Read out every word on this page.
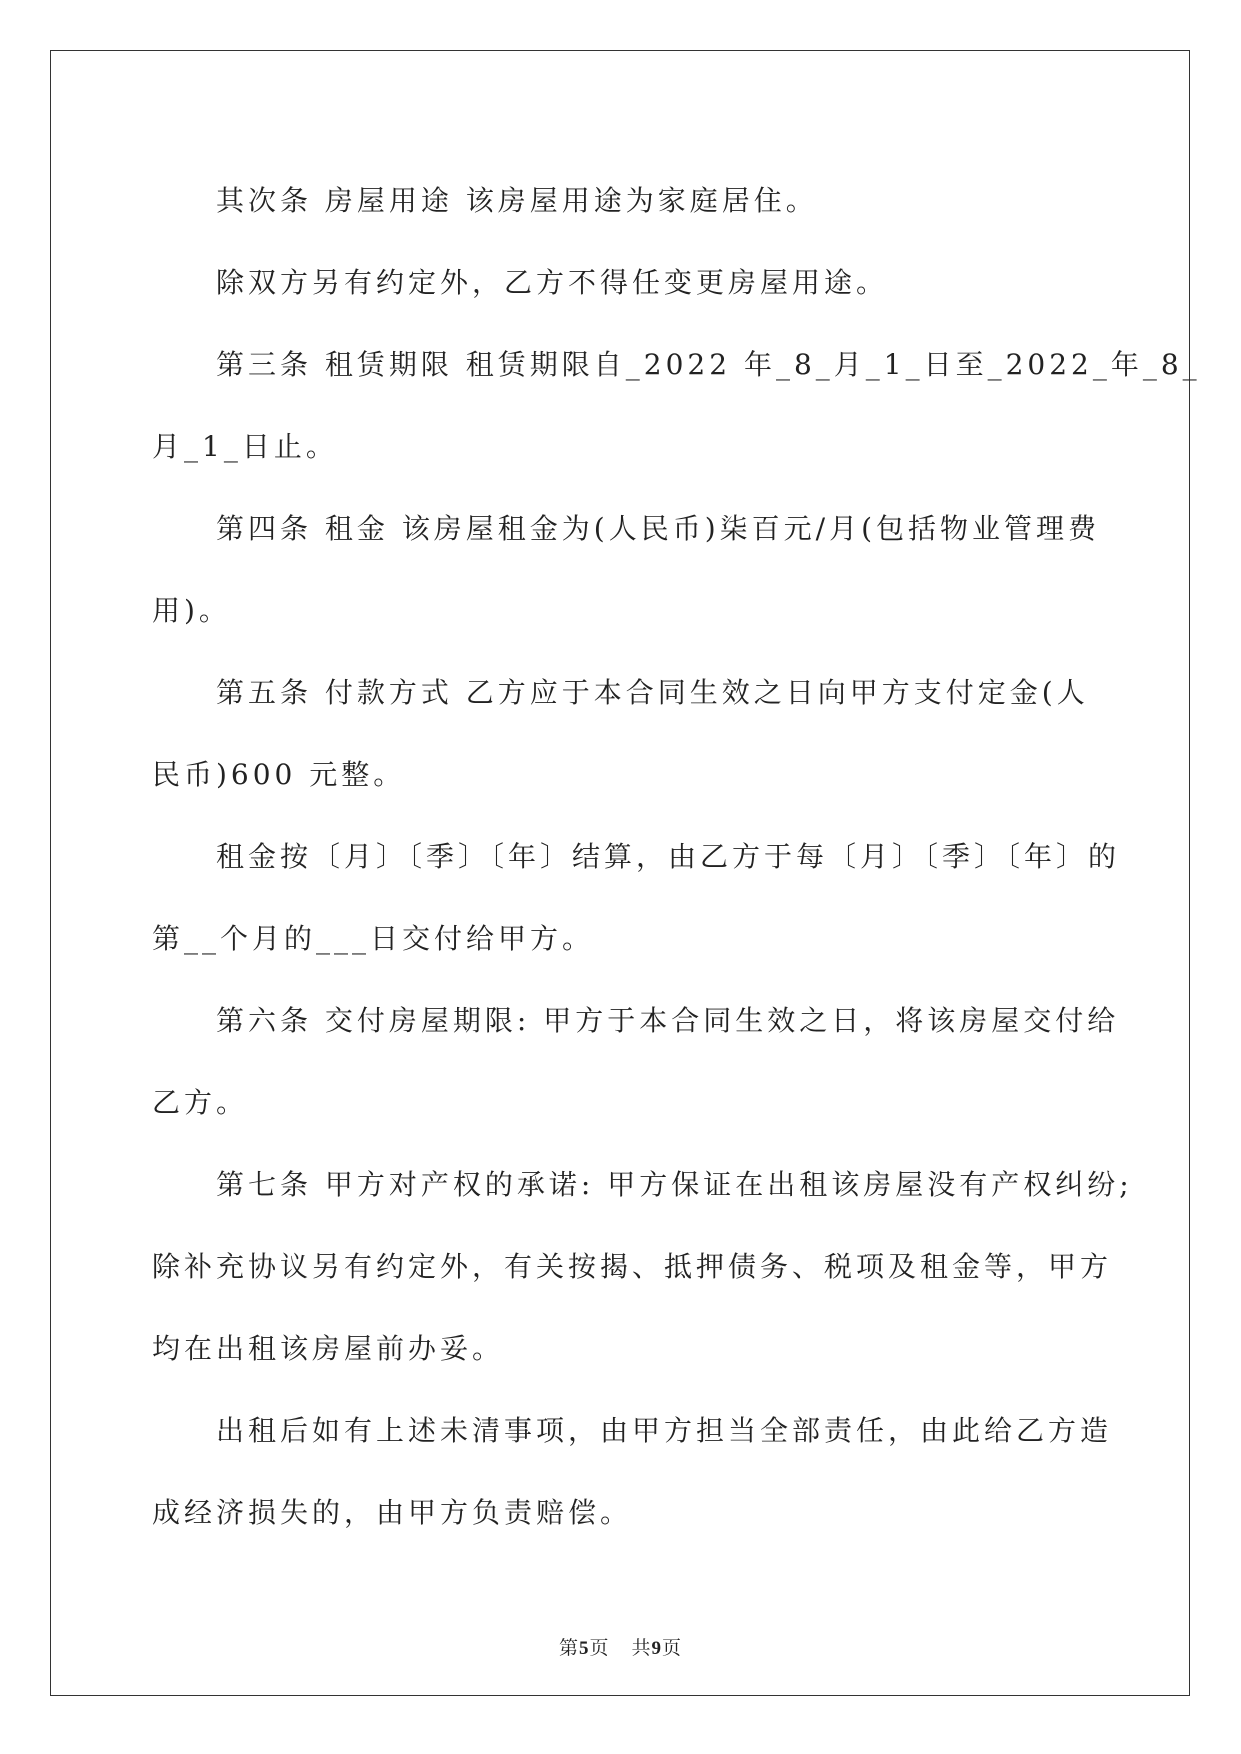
其次条 房屋用途 该房屋用途为家庭居住。
除双方另有约定外，乙方不得任变更房屋用途。
第三条 租赁期限 租赁期限自_2022 年_8_月_1_日至_2022_年_8_
月_1_日止。
第四条 租金 该房屋租金为(人民币)柒百元/月(包括物业管理费
用)。
第五条 付款方式 乙方应于本合同生效之日向甲方支付定金(人
民币)600 元整。
租金按〔月〕〔季〕〔年〕结算，由乙方于每〔月〕〔季〕〔年〕的
第__个月的___日交付给甲方。
第六条 交付房屋期限: 甲方于本合同生效之日，将该房屋交付给
乙方。
第七条 甲方对产权的承诺: 甲方保证在出租该房屋没有产权纠纷;
除补充协议另有约定外，有关按揭、抵押债务、税项及租金等，甲方
均在出租该房屋前办妥。
出租后如有上述未清事项，由甲方担当全部责任，由此给乙方造
成经济损失的，由甲方负责赔偿。
第5页 共9页
